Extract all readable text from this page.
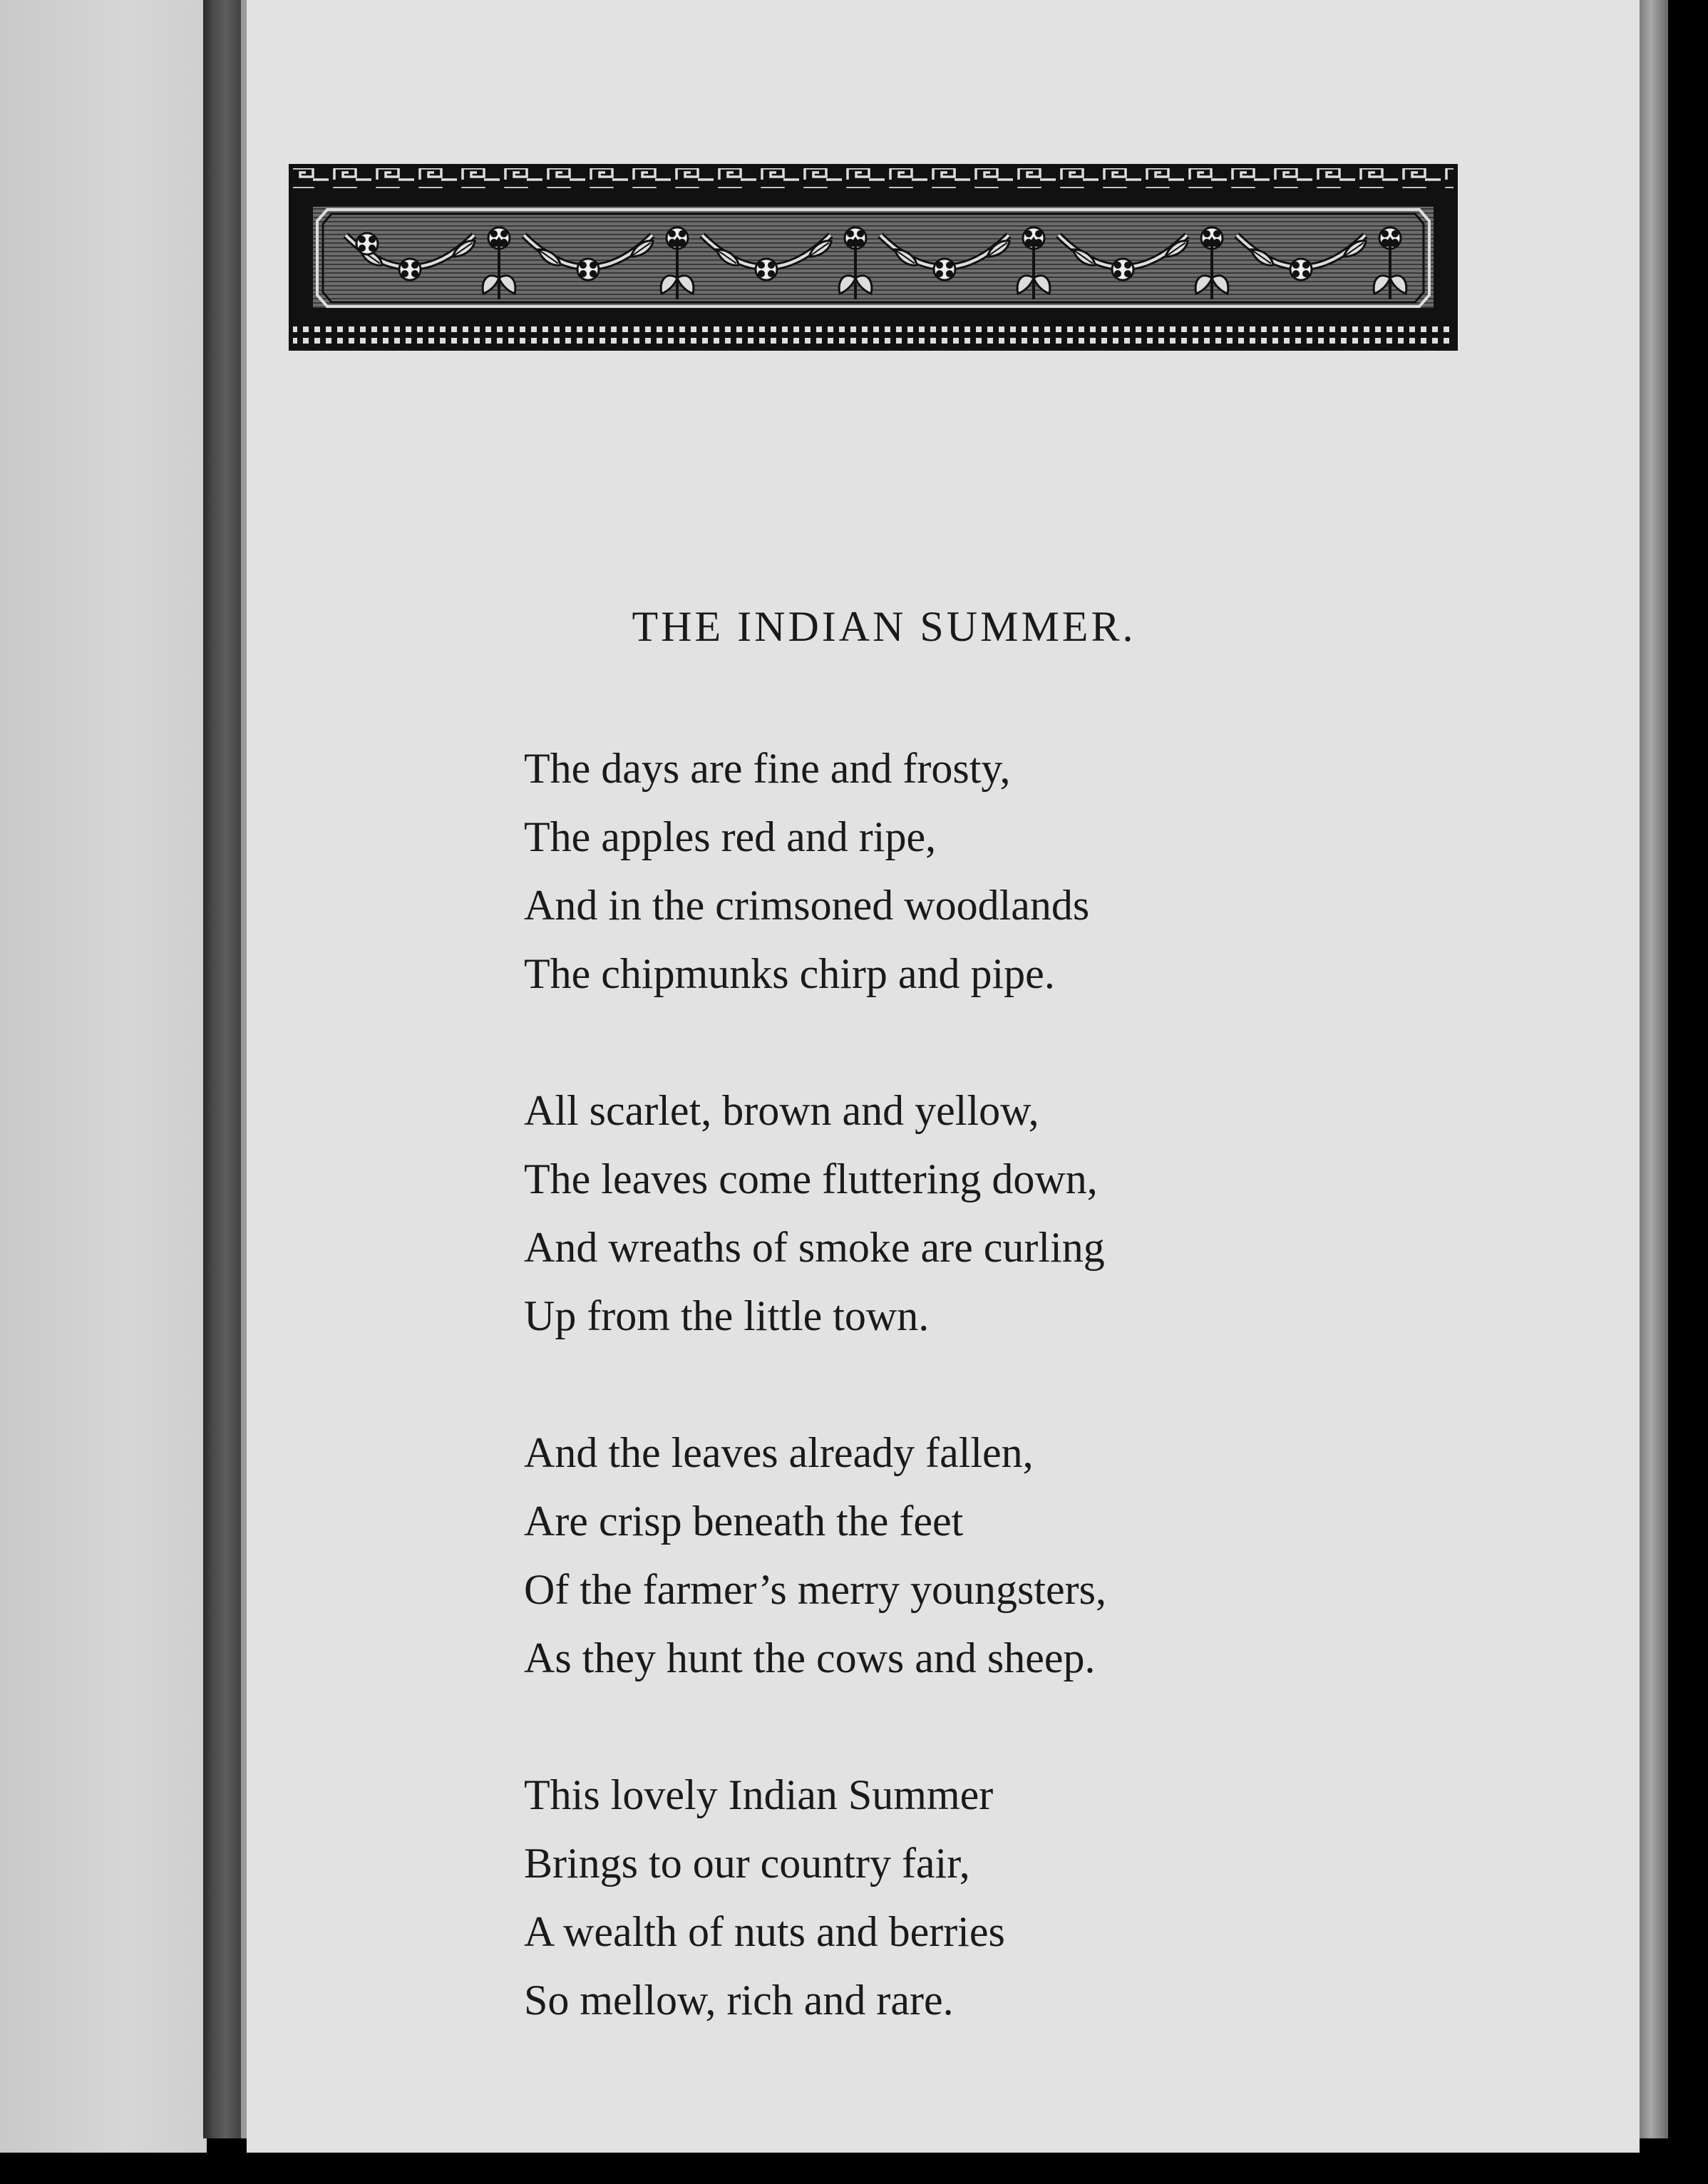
THE INDIAN SUMMER.
The days are fine and frosty,
The apples red and ripe,
And in the crimsoned woodlands
The chipmunks chirp and pipe.
All scarlet, brown and yellow,
The leaves come fluttering down,
And wreaths of smoke are curling
Up from the little town.
And the leaves already fallen,
Are crisp beneath the feet
Of the farmer’s merry youngsters,
As they hunt the cows and sheep.
This lovely Indian Summer
Brings to our country fair,
A wealth of nuts and berries
So mellow, rich and rare.
